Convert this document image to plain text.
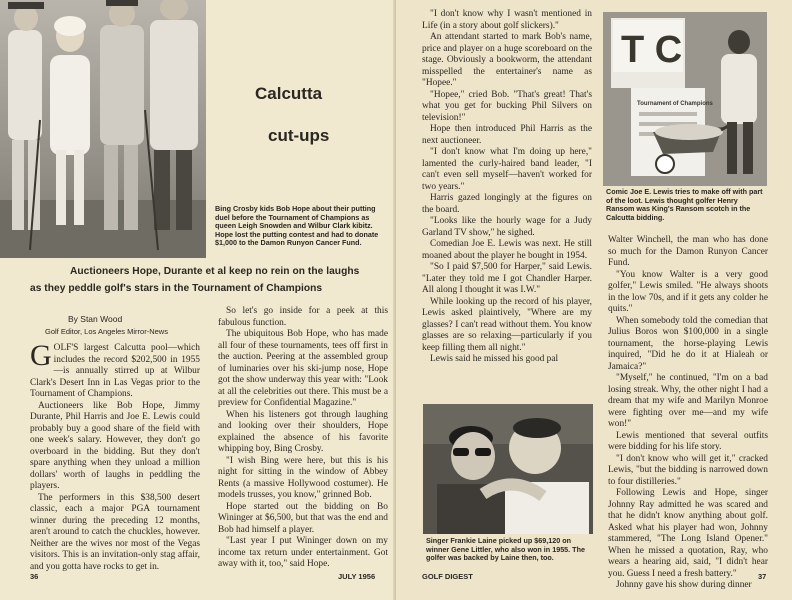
Calcutta
cut-ups
Bing Crosby kids Bob Hope about their putting duel before the Tournament of Champions as queen Leigh Snowden and Wilbur Clark kibitz. Hope lost the putting contest and had to donate $1,000 to the Damon Runyon Cancer Fund.
Auctioneers Hope, Durante et al keep no rein on the laughs
as they peddle golf's stars in the Tournament of Champions
By Stan Wood
Golf Editor, Los Angeles Mirror-News

G OLF'S largest Calcutta pool—which includes the record $202,500 in 1955—is annually stirred up at Wilbur Clark's Desert Inn in Las Vegas prior to the Tournament of Champions.

Auctioneers like Bob Hope, Jimmy Durante, Phil Harris and Joe E. Lewis could probably buy a good share of the field with one week's salary. However, they don't go overboard in the bidding. But they don't spare anything when they unload a million dollars' worth of laughs in peddling the players.

The performers in this $38,500 desert classic, each a major PGA tournament winner during the preceding 12 months, aren't around to catch the chuckles, however. Neither are the wives nor most of the Vegas visitors. This is an invitation-only stag affair, and you gotta have rocks to get in.

So let's go inside for a peek at this fabulous function.

The ubiquitous Bob Hope, who has made all four of these tournaments, tees off first in the auction. Peering at the assembled group of luminaries over his ski-jump nose, Hope got the show underway this year with: "Look at all the celebrities out there. This must be a preview for Confidential Magazine."

When his listeners got through laughing and looking over their shoulders, Hope explained the absence of his favorite whipping boy, Bing Crosby.

"I wish Bing were here, but this is his night for sitting in the window of Abbey Rents (a massive Hollywood costumer). He models trusses, you know," grinned Bob.

Hope started out the bidding on Bo Wininger at $6,500, but that was the end and Bob had himself a player.

"Last year I put Wininger down on my income tax return under entertainment. Got away with it, too," said Hope.

36	JULY 1956

"I don't know why I wasn't mentioned in Life (in a story about golf slickers)."

An attendant started to mark Bob's name, price and player on a huge scoreboard on the stage. Obviously a bookworm, the attendant misspelled the entertainer's name as "Hopee."

"Hopee," cried Bob. "That's great! That's what you get for bucking Phil Silvers on television!"

Hope then introduced Phil Harris as the next auctioneer.

"I don't know what I'm doing up here," lamented the curly-haired band leader, "I can't even sell myself—haven't worked for two years."

Harris gazed longingly at the figures on the board.

"Looks like the hourly wage for a Judy Garland TV show," he sighed.

Comedian Joe E. Lewis was next. He still moaned about the player he bought in 1954.

"So I paid $7,500 for Harper," said Lewis. "Later they told me I got Chandler Harper. All along I thought it was I.W."

While looking up the record of his player, Lewis asked plaintively, "Where are my glasses? I can't read without them. You know glasses are so relaxing—particularly if you keep filling them all night."

Lewis said he missed his good pal

T C
Tournament of Champions
Comic Joe E. Lewis tries to make off with part of the loot. Lewis thought golfer Henry Ransom was King's Ransom scotch in the Calcutta bidding.

Walter Winchell, the man who has done so much for the Damon Runyon Cancer Fund.

"You know Walter is a very good golfer," Lewis smiled. "He always shoots in the low 70s, and if it gets any colder he quits."

When somebody told the comedian that Julius Boros won $100,000 in a single tournament, the horse-playing Lewis inquired, "Did he do it at Hialeah or Jamaica?"

"Myself," he continued, "I'm on a bad losing streak. Why, the other night I had a dream that my wife and Marilyn Monroe were fighting over me—and my wife won!"

Lewis mentioned that several outfits were bidding for his life story.

"I don't know who will get it," cracked Lewis, "but the bidding is narrowed down to four distilleries."

Following Lewis and Hope, singer Johnny Ray admitted he was scared and that he didn't know anything about golf. Asked what his player had won, Johnny stammered, "The Long Island Opener." When he missed a quotation, Ray, who wears a hearing aid, said, "I didn't hear you. Guess I need a fresh battery."

Johnny gave his show during dinner

Singer Frankie Laine picked up $69,120 on winner Gene Littler, who also won in 1955. The golfer was backed by Laine then, too.
GOLF DIGEST	37
